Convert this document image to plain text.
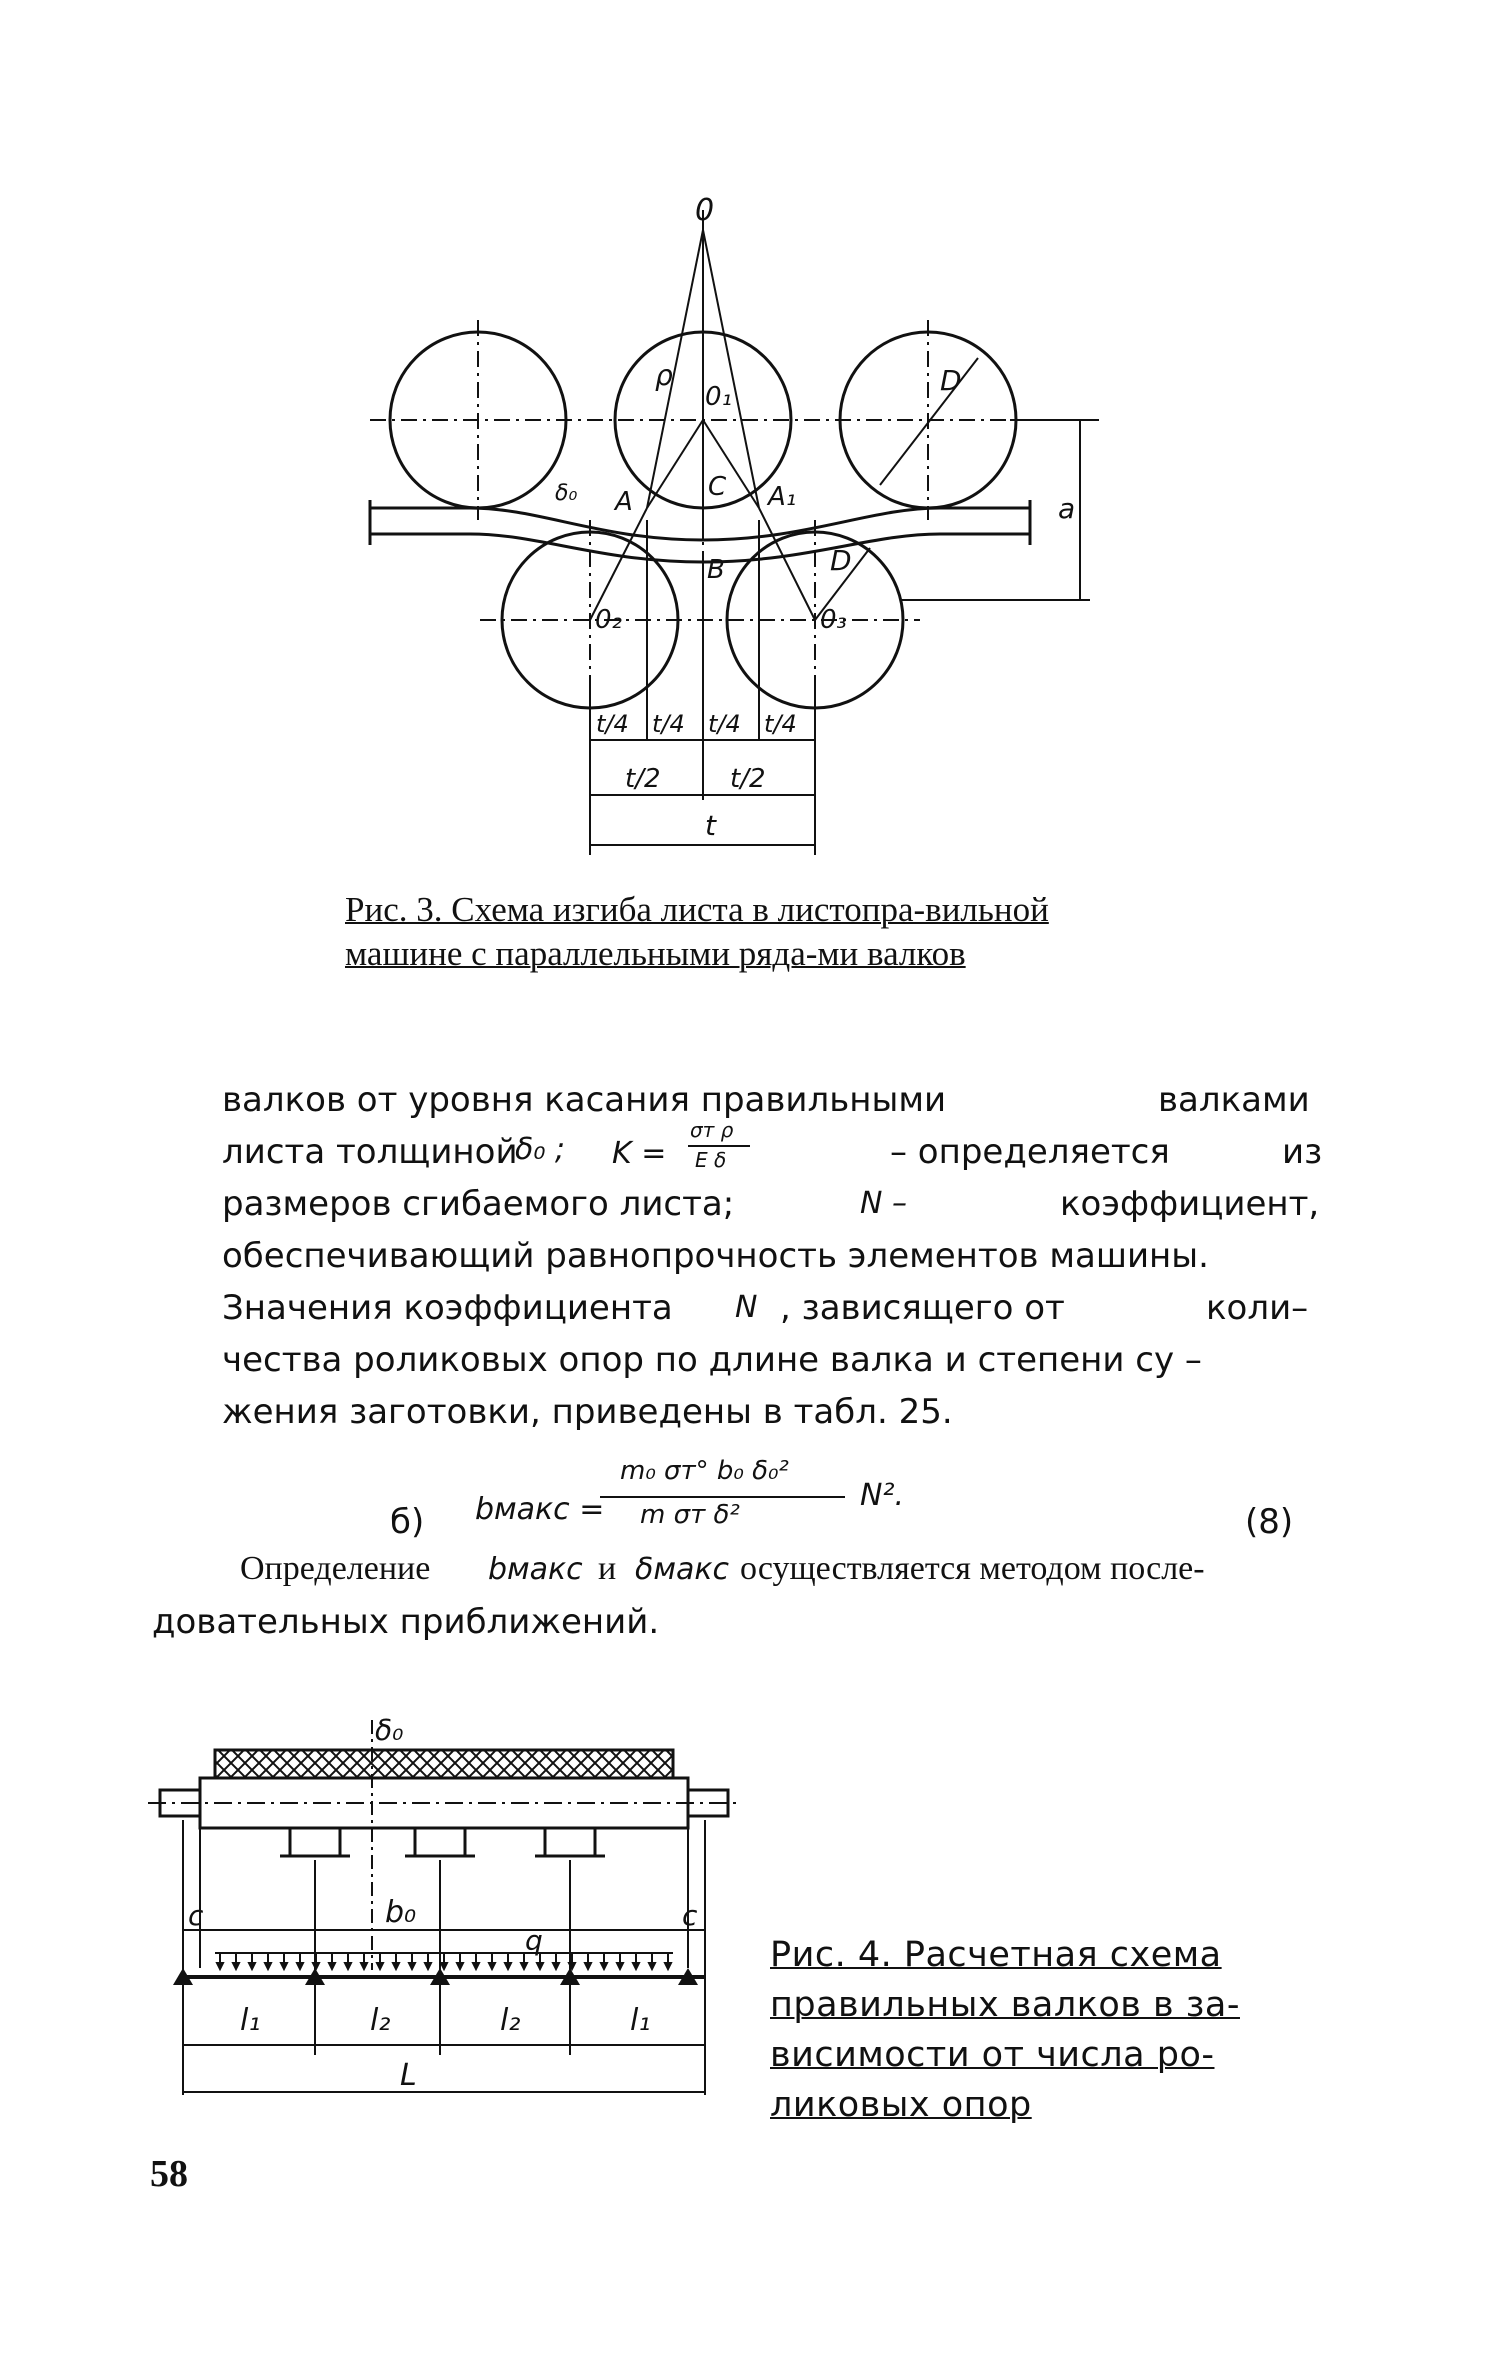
0
0₁
0₂	0₃
A	A₁
B
C
ρ	D
D
a
δ₀
t/4 t/4 t/4 t/4
t/2	t/2
t
Рис. 3. Схема изгиба листа в листопра-вильной машине с параллельными ряда-ми валков
валков от уровня касания правильными	валками
листа толщиной
δ₀ ; K =
σт ρ
E δ	– определяется	из
размеров сгибаемого листа;	N –	коэффициент,
обеспечивающий равнопрочность элементов машины.
Значения коэффициента N , зависящего от	коли–
чества роликовых опор по длине валка и степени су –
жения заготовки, приведены в табл. 25.
б) bмакс =
m₀ σт° b₀ δ₀²
m σт δ²
N².
(8)
Определение bмакс и δмакс осуществляется методом после-
довательных приближений.
δ₀
c	c
b₀
q
l₁	l₂	l₂	l₁
L
Рис. 4. Расчетная схема правильных валков в за-висимости от числа ро-ликовых опор
58
